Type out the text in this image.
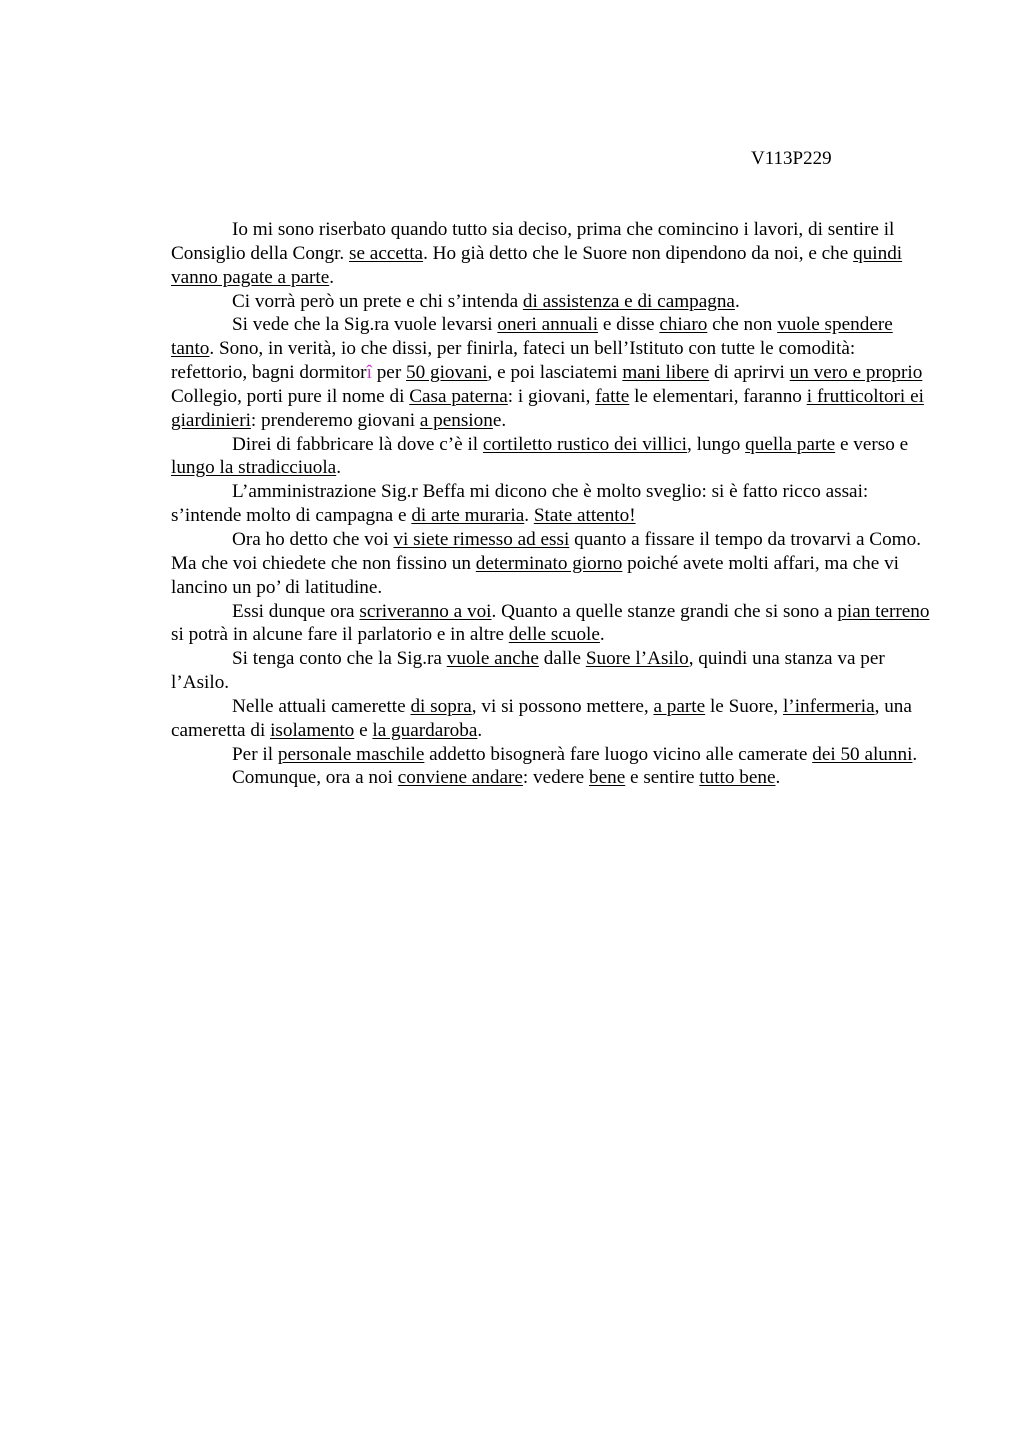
V113P229

Io mi sono riserbato quando tutto sia deciso, prima che comincino i lavori, di sentire il Consiglio della Congr. se accetta. Ho già detto che le Suore non dipendono da noi, e che quindi vanno pagate a parte.

Ci vorrà però un prete e chi s’intenda di assistenza e di campagna.

Si vede che la Sig.ra vuole levarsi oneri annuali e disse chiaro che non vuole spendere tanto. Sono, in verità, io che dissi, per finirla, fateci un bell’Istituto con tutte le comodità: refettorio, bagni dormitorî per 50 giovani, e poi lasciatemi mani libere di aprirvi un vero e proprio Collegio, porti pure il nome di Casa paterna: i giovani, fatte le elementari, faranno i frutticoltori ei giardinieri: prenderemo giovani a pensione.

Direi di fabbricare là dove c’è il cortiletto rustico dei villici, lungo quella parte e verso e lungo la stradicciuola.

L’amministrazione Sig.r Beffa mi dicono che è molto sveglio: si è fatto ricco assai: s’intende molto di campagna e di arte muraria. State attento!

Ora ho detto che voi vi siete rimesso ad essi quanto a fissare il tempo da trovarvi a Como. Ma che voi chiedete che non fissino un determinato giorno poiché avete molti affari, ma che vi lancino un po’ di latitudine.

Essi dunque ora scriveranno a voi. Quanto a quelle stanze grandi che si sono a pian terreno si potrà in alcune fare il parlatorio e in altre delle scuole.

Si tenga conto che la Sig.ra vuole anche dalle Suore l’Asilo, quindi una stanza va per l’Asilo.

Nelle attuali camerette di sopra, vi si possono mettere, a parte le Suore, l’infermeria, una cameretta di isolamento e la guardaroba.

Per il personale maschile addetto bisognerà fare luogo vicino alle camerate dei 50 alunni.

Comunque, ora a noi conviene andare: vedere bene e sentire tutto bene.
